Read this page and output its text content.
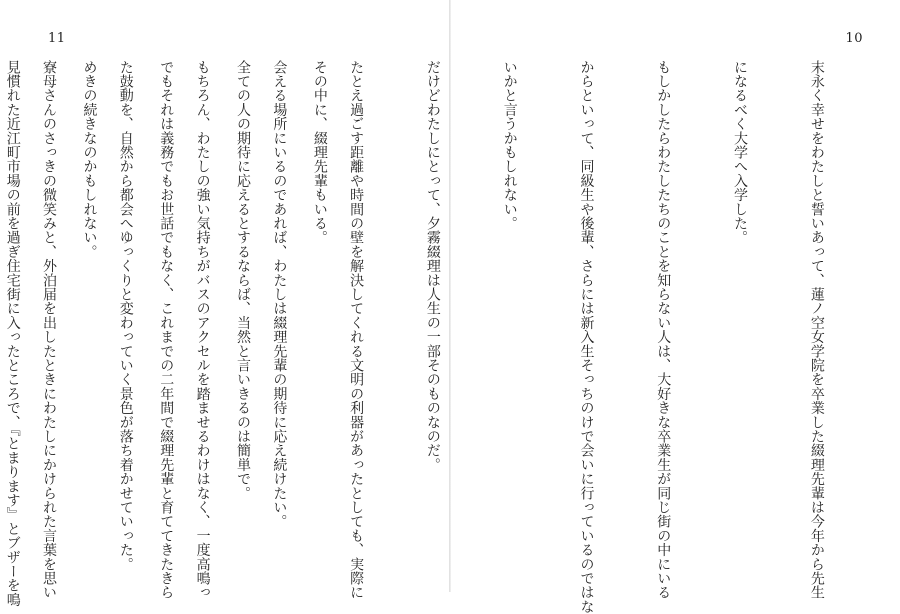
11

その中に、綴理先輩もいる。

全ての人の期待に応えるとするならば、当然と言いきるのは簡単で。

でもそれは義務でもお世話でもなく、これまでの二年間で綴理先輩と育ててきたきら

めきの続きなのかもしれない。

見慣れた近江町市場の前を過ぎ住宅街に入ったところで、『とまります』とブザーを鳴

10

末永く幸せをわたしと誓いあって、蓮ノ空女学院を卒業した綴理先輩は今年から先生

になるべく大学へ入学した。

もしかしたらわたしたちのことを知らない人は、大好きな卒業生が同じ街の中にいる

からといって、同級生や後輩、さらには新入生そっちのけで会いに行っているのではな

いかと言うかもしれない。

だけどわたしにとって、夕霧綴理は人生の一部そのものなのだ。

たとえ過ごす距離や時間の壁を解決してくれる文明の利器があったとしても、実際に

会える場所にいるのであれば、わたしは綴理先輩の期待に応え続けたい。

もちろん、わたしの強い気持ちがバスのアクセルを踏ませるわけはなく、一度高鳴っ

た鼓動を、自然から都会へゆっくりと変わっていく景色が落ち着かせていった。

寮母さんのさっきの微笑みと、外泊届を出したときにわたしにかけられた言葉を思い
